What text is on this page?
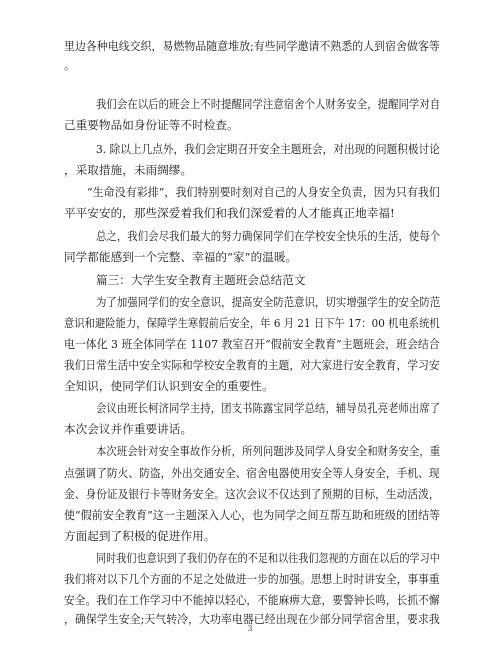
里边各种电线交织，易燃物品随意堆放;有些同学邀请不熟悉的人到宿舍做客等
。
我们会在以后的班会上不时提醒同学注意宿舍个人财务安全，提醒同学对自
己重要物品如身份证等不时检查。
3. 除以上几点外，我们会定期召开安全主题班会，对出现的问题积极讨论
，采取措施，未雨绸缪。
“生命没有彩排”，我们特别要时刻对自己的人身安全负责，因为只有我们
平平安安的，那些深爱着我们和我们深爱着的人才能真正地幸福!
总之，我们会尽我们最大的努力确保同学们在学校安全快乐的生活，使每个
同学都能感到一个完整、幸福的“家”的温暖。
篇三：大学生安全教育主题班会总结范文
为了加强同学们的安全意识，提高安全防范意识，切实增强学生的安全防范
意识和避险能力，保障学生寒假前后安全，年 6 月 21 日下午 17：00 机电系统机
电一体化 3 班全体同学在 1107 教室召开“假前安全教育”主题班会，班会结合
我们日常生活中安全实际和学校安全教育的主题，对大家进行安全教育，学习安
全知识，使同学们认识到安全的重要性。
会议由班长柯济同学主持，团支书陈露宝同学总结，辅导员孔亮老师出席了
本次会议并作重要讲话。
本次班会针对安全事故作分析，所列问题涉及同学人身安全和财务安全，重
点强调了防火、防盗，外出交通安全、宿舍电器使用安全等人身安全，手机、现
金、身份证及银行卡等财务安全。这次会议不仅达到了预期的目标，生动活泼，
使“假前安全教育”这一主题深入人心，也为同学之间互帮互助和班级的团结等
方面起到了积极的促进作用。
同时我们也意识到了我们仍存在的不足和以往我们忽视的方面在以后的学习中
我们将对以下几个方面的不足之处做进一步的加强。思想上时时讲安全，事事重
安全。我们在工作学习中不能掉以轻心，不能麻痹大意，要警钟长鸣，长抓不懈
，确保学生安全;天气转冷，大功率电器已经出现在少部分同学宿舍里，要求我
3
